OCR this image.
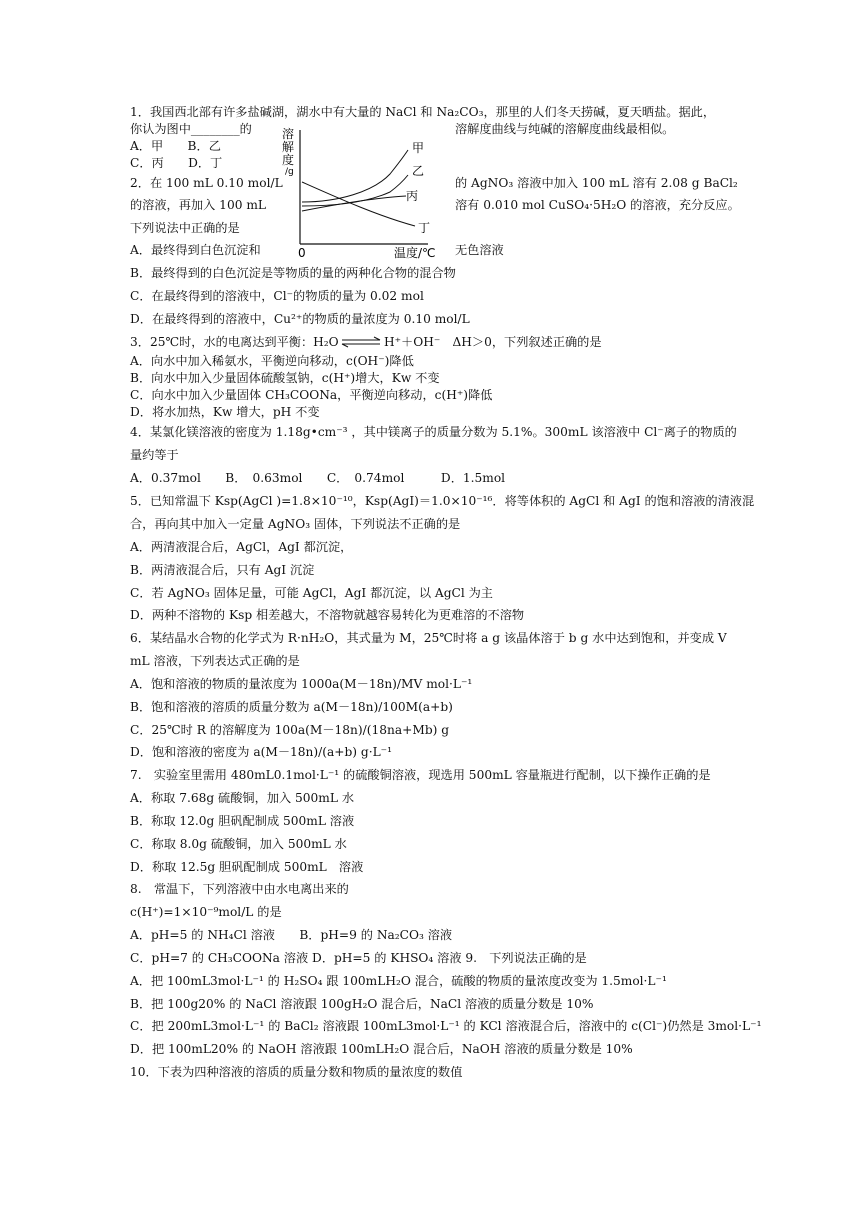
1．我国西北部有许多盐碱湖，湖水中有大量的 NaCl 和 Na₂CO₃，那里的人们冬天捞碱，夏天晒盐。据此，
你认为图中________的	溶解度曲线与纯碱的溶解度曲线最相似。
A．甲　　B．乙
C．丙　　D．丁
溶
解
度
/g
0	温度/℃
甲
乙
丙
丁
2．在 100 mL 0.10 mol/L	的 AgNO₃ 溶液中加入 100 mL 溶有 2.08 g BaCl₂
的溶液，再加入 100 mL	溶有 0.010 mol CuSO₄·5H₂O 的溶液，充分反应。
下列说法中正确的是
A．最终得到白色沉淀和	无色溶液
B．最终得到的白色沉淀是等物质的量的两种化合物的混合物
C．在最终得到的溶液中，Cl⁻的物质的量为 0.02 mol
D．在最终得到的溶液中，Cu²⁺的物质的量浓度为 0.10 mol/L
3．25℃时，水的电离达到平衡：H₂O ⇌ H⁺＋OH⁻　ΔH＞0，下列叙述正确的是
A．向水中加入稀氨水，平衡逆向移动，c(OH⁻)降低
B．向水中加入少量固体硫酸氢钠，c(H⁺)增大，Kw 不变
C．向水中加入少量固体 CH₃COONa，平衡逆向移动，c(H⁺)降低
D．将水加热，Kw 增大，pH 不变
4．某氯化镁溶液的密度为 1.18g•cm⁻³ ，其中镁离子的质量分数为 5.1%。300mL 该溶液中 Cl⁻离子的物质的
量约等于
A．0.37mol　　B．　0.63mol　　C．　0.74mol　　　D．1.5mol
5．已知常温下 Ksp(AgCl )=1.8×10⁻¹⁰，Ksp(AgI)＝1.0×10⁻¹⁶．将等体积的 AgCl 和 AgI 的饱和溶液的清液混
合，再向其中加入一定量 AgNO₃ 固体，下列说法不正确的是
A．两清液混合后，AgCl，AgI 都沉淀，
B．两清液混合后，只有 AgI 沉淀
C．若 AgNO₃ 固体足量，可能 AgCl，AgI 都沉淀，以 AgCl 为主
D．两种不溶物的 Ksp 相差越大，不溶物就越容易转化为更难溶的不溶物
6．某结晶水合物的化学式为 R·nH₂O，其式量为 M，25℃时将 a g 该晶体溶于 b g 水中达到饱和，并变成 V
mL 溶液，下列表达式正确的是
A．饱和溶液的物质的量浓度为 1000a(M－18n)/MV mol·L⁻¹
B．饱和溶液的溶质的质量分数为 a(M－18n)/100M(a+b)
C．25℃时 R 的溶解度为 100a(M－18n)/(18na+Mb) g
D．饱和溶液的密度为 a(M－18n)/(a+b) g·L⁻¹
7.　实验室里需用 480mL0.1mol·L⁻¹ 的硫酸铜溶液，现选用 500mL 容量瓶进行配制，以下操作正确的是
A．称取 7.68g 硫酸铜，加入 500mL 水
B．称取 12.0g 胆矾配制成 500mL 溶液
C．称取 8.0g 硫酸铜，加入 500mL 水
D．称取 12.5g 胆矾配制成 500mL　溶液
8.　常温下，下列溶液中由水电离出来的
c(H⁺)=1×10⁻⁹mol/L 的是
A．pH=5 的 NH₄Cl 溶液　　B．pH=9 的 Na₂CO₃ 溶液
C．pH=7 的 CH₃COONa 溶液 D．pH=5 的 KHSO₄ 溶液 9.　下列说法正确的是
A．把 100mL3mol·L⁻¹ 的 H₂SO₄ 跟 100mLH₂O 混合，硫酸的物质的量浓度改变为 1.5mol·L⁻¹
B．把 100g20% 的 NaCl 溶液跟 100gH₂O 混合后，NaCl 溶液的质量分数是 10%
C．把 200mL3mol·L⁻¹ 的 BaCl₂ 溶液跟 100mL3mol·L⁻¹ 的 KCl 溶液混合后，溶液中的 c(Cl⁻)仍然是 3mol·L⁻¹
D．把 100mL20% 的 NaOH 溶液跟 100mLH₂O 混合后，NaOH 溶液的质量分数是 10%
10．下表为四种溶液的溶质的质量分数和物质的量浓度的数值
